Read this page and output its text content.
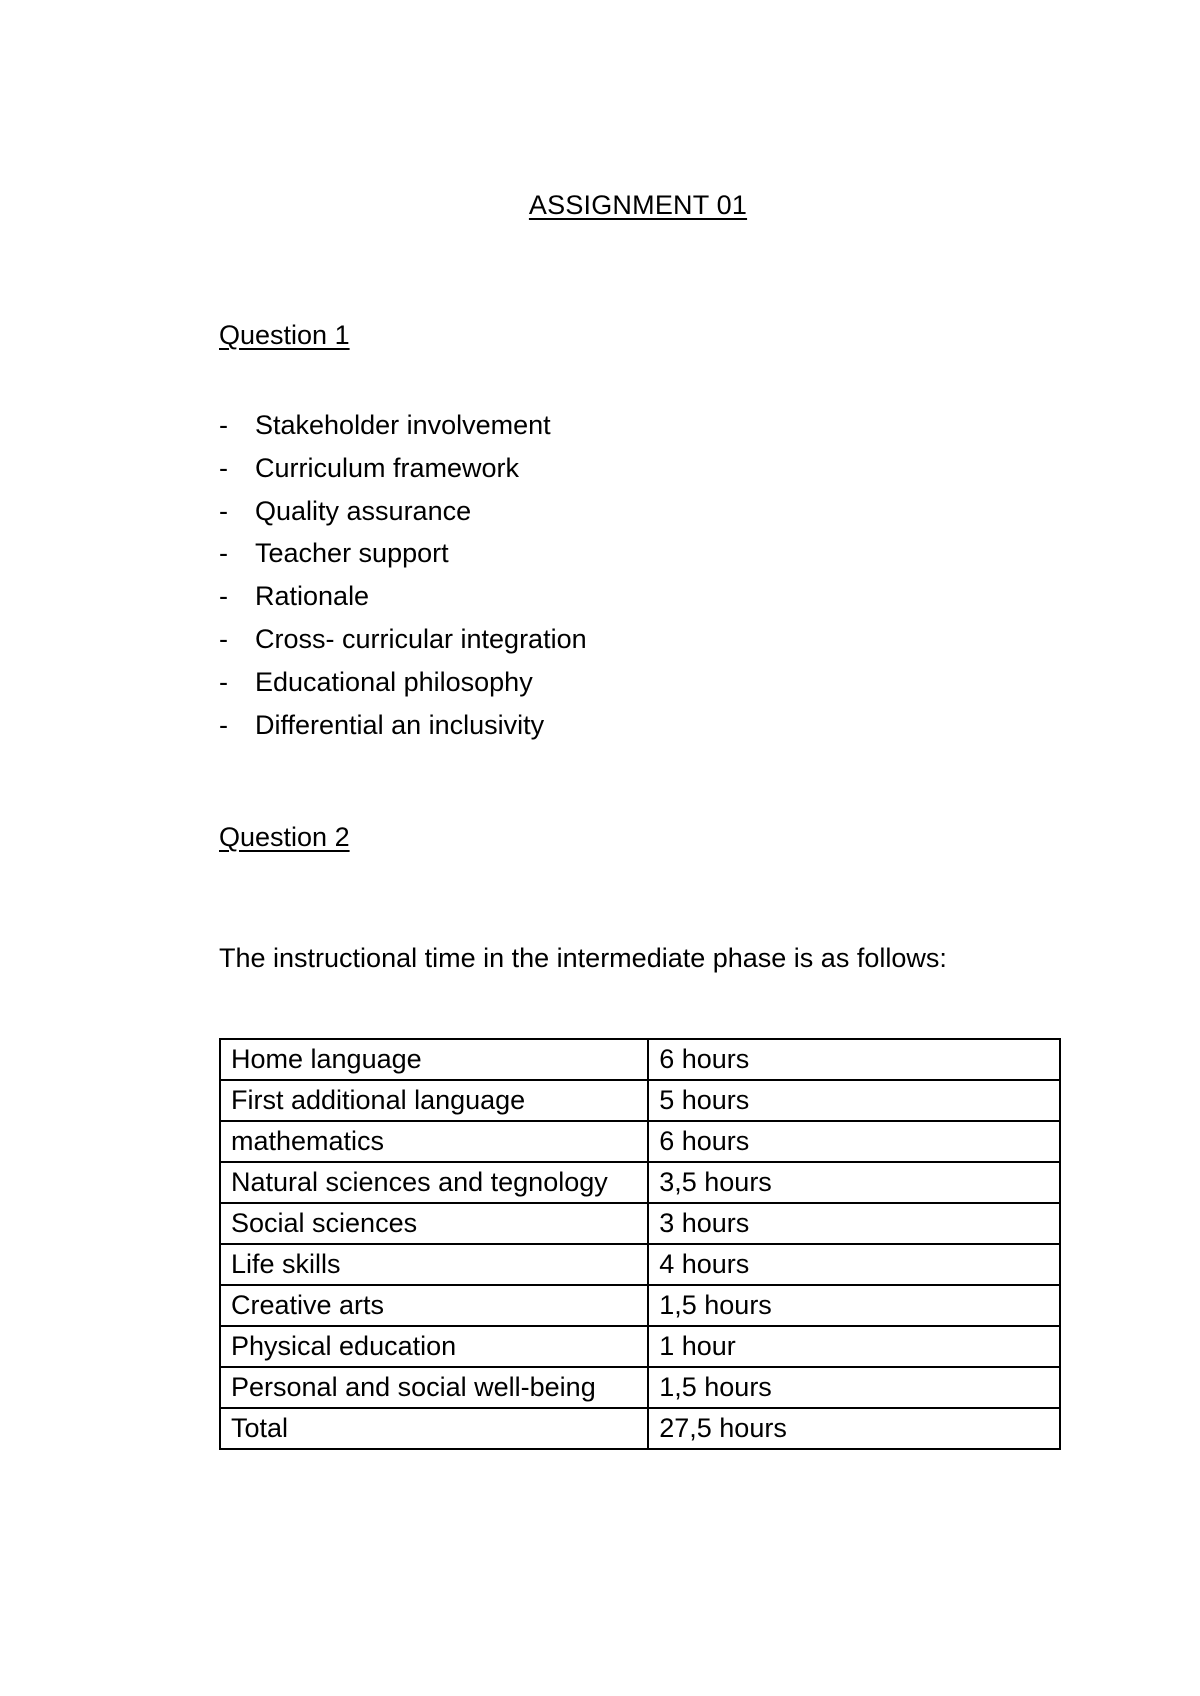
ASSIGNMENT 01
Question 1
- Stakeholder involvement
- Curriculum framework
- Quality assurance
- Teacher support
- Rationale
- Cross- curricular integration
- Educational philosophy
- Differential an inclusivity
Question 2
The instructional time in the intermediate phase is as follows:
Home language	6 hours
First additional language	5 hours
mathematics	6 hours
Natural sciences and tegnology	3,5 hours
Social sciences	3 hours
Life skills	4 hours
Creative arts	1,5 hours
Physical education	1 hour
Personal and social well-being	1,5 hours
Total	27,5 hours
